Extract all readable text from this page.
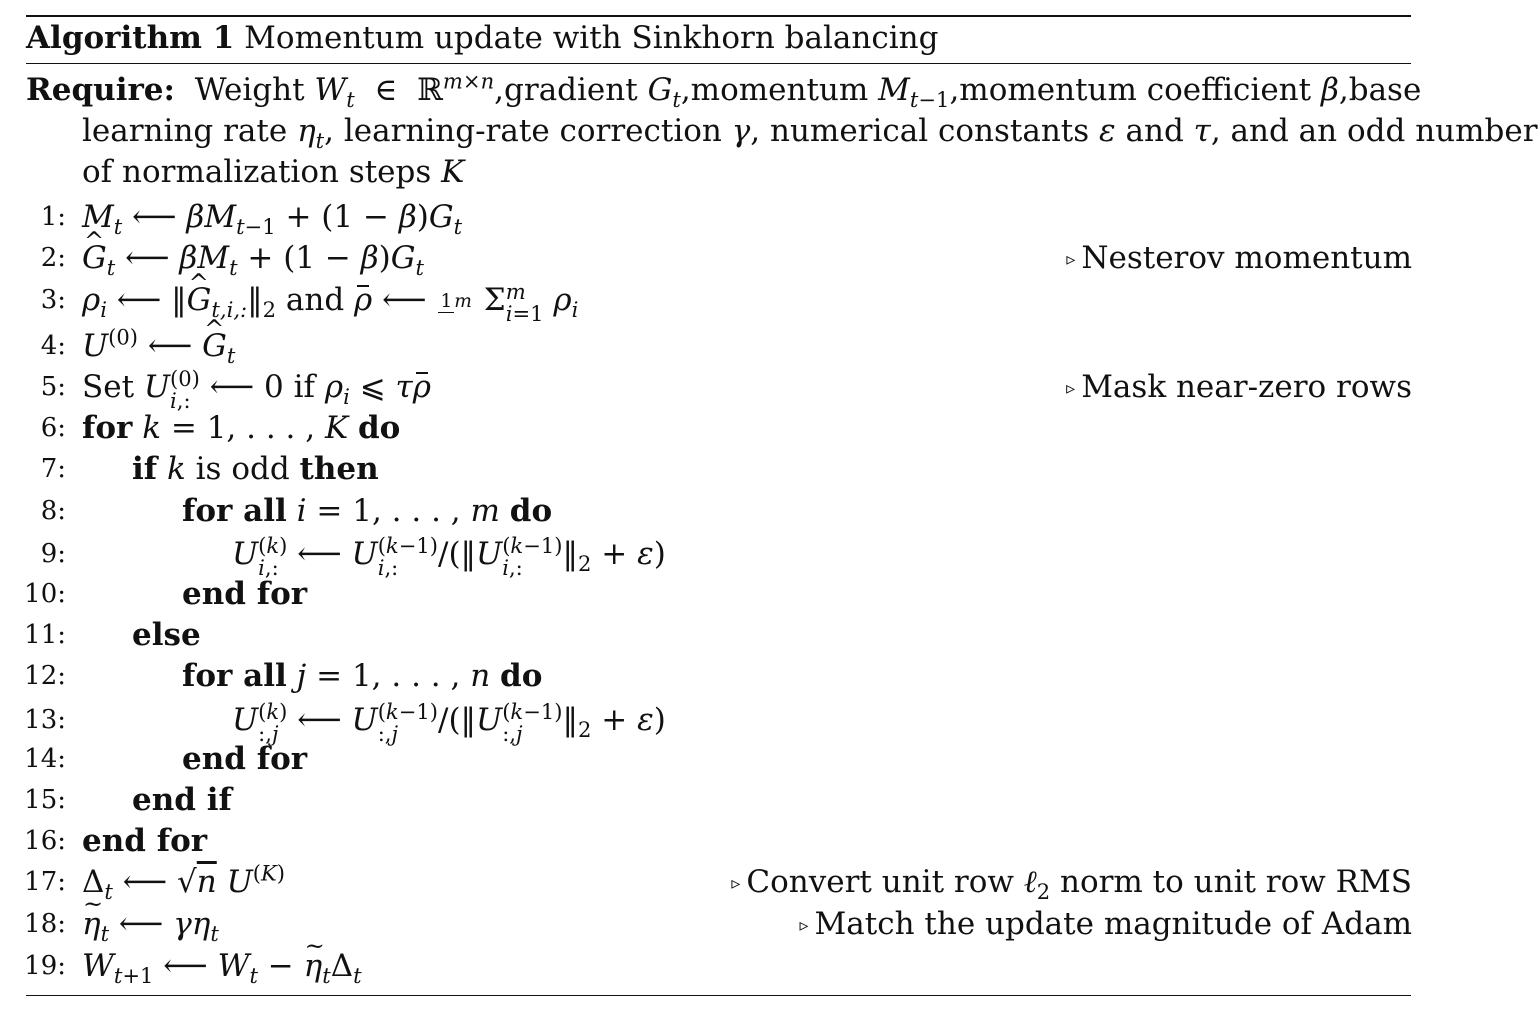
Algorithm 1 Momentum update with Sinkhorn balancing
Require:  Weight $W_t$  ∈  ℝ$^{m\times n}$, gradient $G_t$, momentum $M_{t-1}$, momentum coefficient β, base
learning rate $\eta_t$, learning-rate correction γ, numerical constants ε and τ, and an odd number
of normalization steps K
1: $M_t$ ⟵ $\beta M_{t-1} + (1 - \beta)G_t$
2: ^ $G_t$ ⟵ $\beta M_t + (1 - \beta)G_t$	▹ Nesterov momentum
3: $\rho_i$ ⟵ ‖^ $G_{t,i,:}‖_2$ and ρ ⟵ 1 m Σ m
i=1 $\rho_i$
4: $U^{(0)}$ ⟵ ^ $G_t$
5: Set U (0)
i,: ⟵ 0 if $\rho_i$ ⩽ τρ	▹ Mask near-zero rows
6: for k = 1, . . . , K do
7: if k is odd then
8:	for all i = 1, . . . , m do
9:	U (k)
i,: ⟵ U (k−1)
i,:	/(‖U (k−1)
i,:	$‖_2 + \varepsilon$)
10:	end for
11: else
12:	for all j = 1, . . . , n do
13:	U (k)
:,j ⟵ U (k−1)
:,j	/(‖U (k−1)
:,j	$‖_2 + \varepsilon$)
14:	end for
15: end if
16: end for
17: $\Delta_t$ ⟵ √n $U^{(K)}$	▹ Convert unit row ℓ$_2$ norm to unit row RMS
18: ~ $\eta_t$ ⟵ $\gamma\eta_t$	▹ Match the update magnitude of Adam
19: $W_{t+1}$ ⟵ $W_t$ − ~ $\eta_t\Delta_t$
